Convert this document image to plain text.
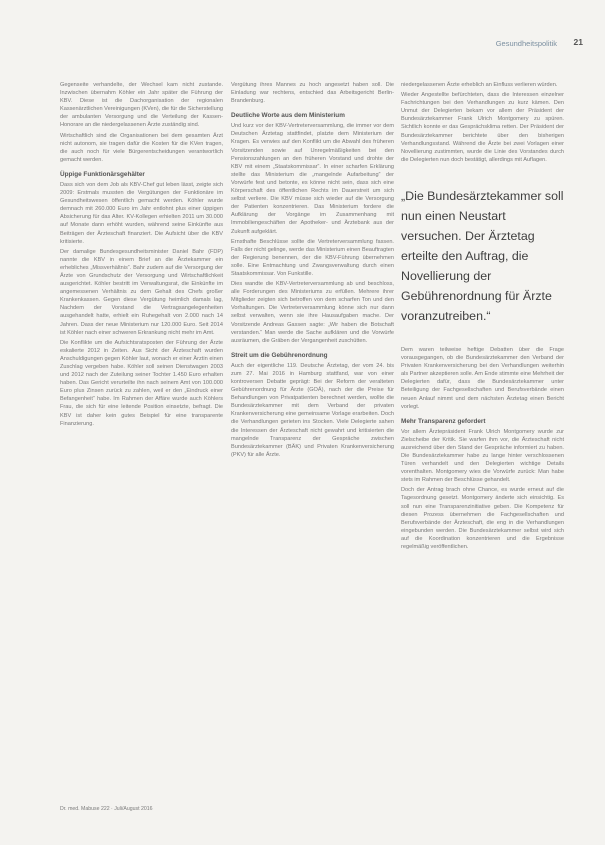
Gesundheitspolitik 21

Gegenseite verhandelte, der Wechsel kam nicht zustande. Inzwischen übernahm Köhler ein Jahr später die Führung der KBV. Diese ist die Dachorganisation der regionalen Kassenärztlichen Vereinigungen (KVen), die für die Sicherstellung der ambulanten Versorgung und die Verteilung der Kassen-Honorare an die niedergelassenen Ärzte zuständig sind.

Wirtschaftlich sind die Organisationen bei dem gesamten Ärzt nicht autonom, sie tragen dafür die Kosten für die KVen tragen, die auch noch für viele Bürgerentscheidungen verantwortlich gemacht werden.

Üppige Funktionärsgehälter

Dass sich von dem Job als KBV-Chef gut leben lässt, zeigte sich 2009: Erstmals mussten die Vergütungen der Funktionäre im Gesundheitswesen öffentlich gemacht werden. Köhler wurde demnach mit 260.000 Euro im Jahr entlohnt plus einer üppigen Absicherung für das Alter. KV-Kollegen erhielten 2011 um 30.000 auf Monate dann erhöht wurden, während seine Einkünfte aus Beiträgen der Ärzteschaft finanziert. Die Aufsicht über die KBV kritisierte.

Der damalige Bundesgesundheitsminister Daniel Bahr (FDP) nannte die KBV in einem Brief an die Ärztekammer ein erhebliches „Missverhältnis“. Bahr zudem auf die Versorgung der Ärzte von Grundschutz der Versorgung und Wirtschaftlichkeit ausgerichtet. Köhler bestritt im Verwaltungsrat, die Einkünfte im angemessenen Verhältnis zu dem Gehalt des Chefs großer Krankenkassen. Gegen diese Vergütung heimlich damals lag, Nachdem der Vorstand die Vertragsangelegenheiten ausgehandelt hatte, erhielt ein Ruhegehalt von 2.000 nach 14 Jahren. Dass der neue Ministerium nur 120.000 Euro. Seit 2014 ist Köhler nach einer schweren Erkrankung nicht mehr im Amt.

Die Konflikte um die Aufsichtsratsposten der Führung der Ärzte eskalierte 2012 in Zeiten. Aus Sicht der Ärzteschaft wurden Anschuldigungen gegen Köhler laut, wonach er einer Ärztin einen Zuschlag vergeben habe. Köhler soll seinen Dienstwagen 2003 und 2012 nach der Zuteilung seiner Tochter 1.450 Euro erhalten haben. Das Gericht verurteilte ihn nach seinem Amt von 100.000 Euro plus Zinsen zurück zu zahlen, weil er den „Eindruck einer Befangenheit“ habe. Im Rahmen der Affäre wurde auch Köhlers Frau, die sich für eine leitende Position einsetzte, befragt. Die KBV ist daher kein gutes Beispiel für eine transparente Finanzierung.

Vergütung ihres Mannes zu hoch angesetzt haben soll. Die Einladung war rechtens, entschied das Arbeitsgericht Berlin-Brandenburg.

Deutliche Worte aus dem Ministerium

Und kurz vor der KBV-Vertreterversammlung, die immer vor dem Deutschen Ärztetag stattfindet, platzte dem Ministerium der Kragen. Es verwies auf den Konflikt um die Abwahl des früheren Vorsitzenden sowie auf Unregelmäßigkeiten bei den Pensionszahlungen an den früheren Vorstand und drohte der KBV mit einem „Staatskommissar“. In einer scharfen Erklärung stellte das Ministerium die „mangelnde Aufarbeitung“ der Vorwürfe fest und betonte, es könne nicht sein, dass sich eine Körperschaft des öffentlichen Rechts im Dauerstreit um sich selbst verliere. Die KBV müsse sich wieder auf die Versorgung der Patienten konzentrieren. Das Ministerium fordere die Aufklärung der Vorgänge im Zusammenhang mit Immobiliengeschäften der Apotheker- und Ärztebank aus der Zukunft aufgeklärt.

Ernsthafte Beschlüsse sollte die Vertreterversammlung fassen. Falls der nicht gelinge, werde das Ministerium einen Beauftragten der Regierung benennen, der die KBV-Führung übernehmen solle. Eine Entmachtung und Zwangsverwaltung durch einen Staatskommissar. Von Funkstille.

Dies wandte die KBV-Vertreterversammlung ab und beschloss, alle Forderungen des Ministeriums zu erfüllen. Mehrere ihrer Mitglieder zeigten sich betroffen von dem scharfen Ton und den Vorhaltungen. Die Vertreterversammlung könne sich nur dann selbst verwalten, wenn sie ihre Hausaufgaben mache. Der Vorsitzende Andreas Gassen sagte: „Wir haben die Botschaft verstanden.“ Man werde die Sache aufklären und die Vorwürfe ausräumen, die Gräben der Vergangenheit zuschütten.

Streit um die Gebührenordnung

Auch der eigentliche 119. Deutsche Ärztetag, der vom 24. bis zum 27. Mai 2016 in Hamburg stattfand, war von einer kontroversen Debatte geprägt: Bei der Reform der veralteten Gebührenordnung für Ärzte (GOÄ), nach der die Preise für Behandlungen von Privatpatienten berechnet werden, wollte die Bundesärztekammer mit dem Verband der privaten Krankenversicherung eine gemeinsame Vorlage erarbeiten. Doch die Verhandlungen gerieten ins Stocken. Viele Delegierte sahen die Interessen der Ärzteschaft nicht gewahrt und kritisierten die mangelnde Transparenz der Gespräche zwischen Bundesärztekammer (BÄK) und Privaten Krankenversicherung (PKV) für alle Ärzte.

niedergelassenen Ärzte erheblich an Einfluss verlieren würden.

Wieder Angestellte befürchteten, dass die Interessen einzelner Fachrichtungen bei den Verhandlungen zu kurz kämen. Den Unmut der Delegierten bekam vor allem der Präsident der Bundesärztekammer Frank Ulrich Montgomery zu spüren. Sichtlich konnte er das Gesprächsklima retten. Der Präsident der Bundesärztekammer berichtete über den bisherigen Verhandlungsstand. Während die Ärzte bei zwei Vorlagen einer Novellierung zustimmten, wurde die Linie des Vorstandes durch die Delegierten nun doch bestätigt, allerdings mit Auflagen.

„Die Bundesärztekammer soll nun einen Neustart versuchen. Der Ärztetag erteilte den Auftrag, die Novellierung der Gebührenordnung für Ärzte voranzutreiben.“

Dem waren teilweise heftige Debatten über die Frage vorausgegangen, ob die Bundesärztekammer den Verband der Privaten Krankenversicherung bei den Verhandlungen weiterhin als Partner akzeptieren solle. Am Ende stimmte eine Mehrheit der Delegierten dafür, dass die Bundesärztekammer unter Beteiligung der Fachgesellschaften und Berufsverbände einen neuen Anlauf nimmt und dem nächsten Ärztetag einen Bericht vorlegt.

Mehr Transparenz gefordert

Vor allem Ärztepräsident Frank Ulrich Montgomery wurde zur Zielscheibe der Kritik. Sie warfen ihm vor, die Ärzteschaft nicht ausreichend über den Stand der Gespräche informiert zu haben. Die Bundesärztekammer habe zu lange hinter verschlossenen Türen verhandelt und den Delegierten wichtige Details vorenthalten. Montgomery wies die Vorwürfe zurück: Man habe stets im Rahmen der Beschlüsse gehandelt.

Doch der Antrag brach ohne Chance, es wurde erneut auf die Tagesordnung gesetzt. Montgomery änderte sich einsichtig. Es soll nun eine Transparenzinitiative geben. Die Kompetenz für diesen Prozess übernehmen die Fachgesellschaften und Berufsverbände der Ärzteschaft, die eng in die Verhandlungen eingebunden werden. Die Bundesärztekammer selbst wird sich auf die Koordination konzentrieren und die Ergebnisse regelmäßig veröffentlichen.

Dr. med. Mabuse 222 · Juli/August 2016
